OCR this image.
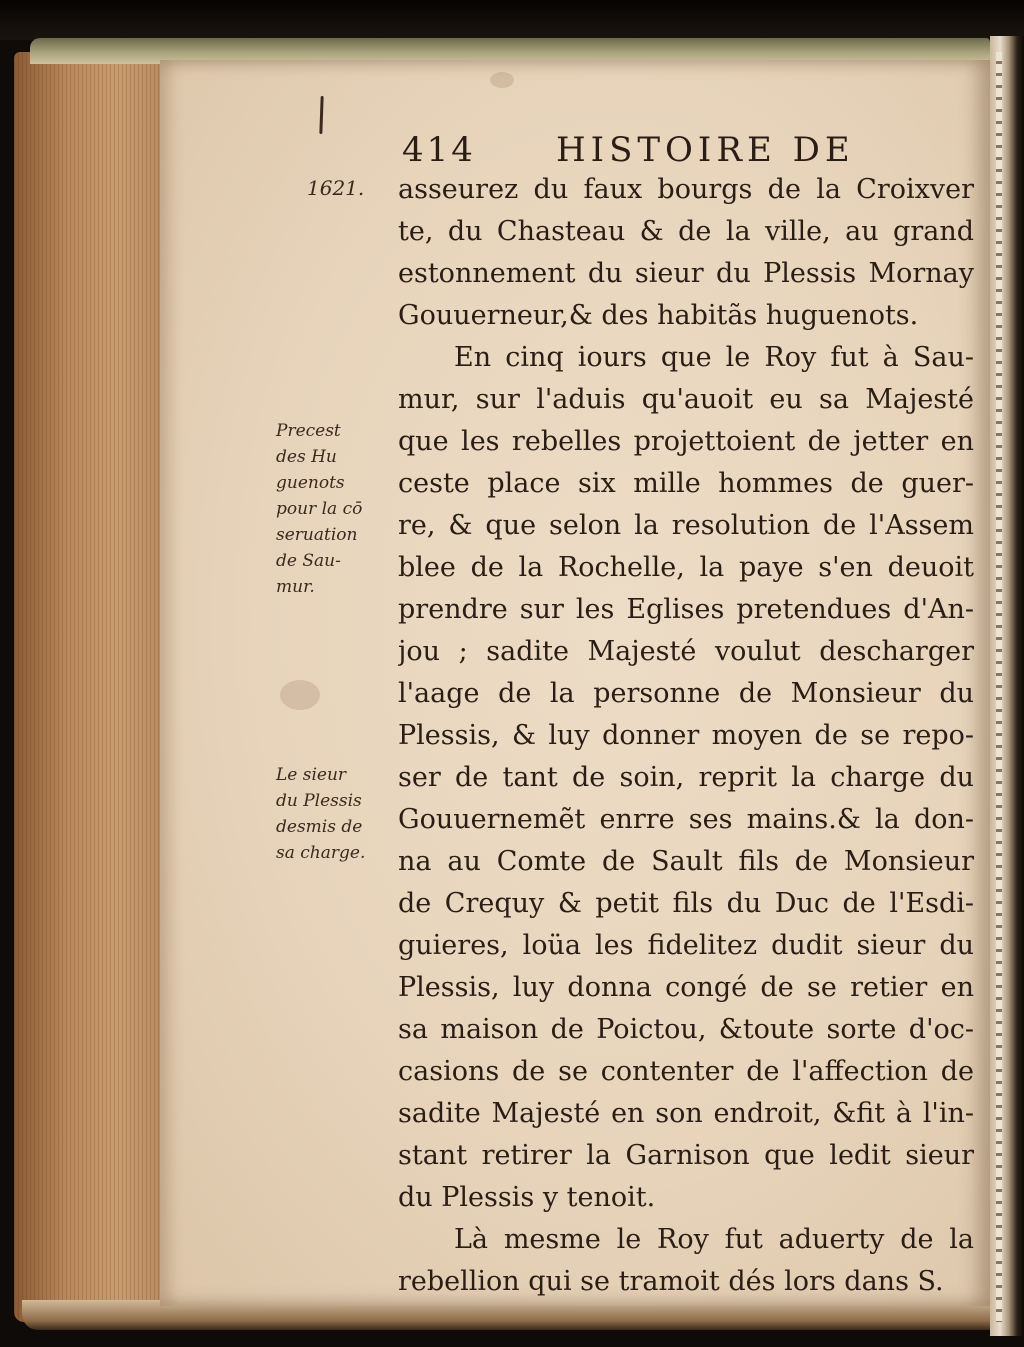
414 HISTOIRE DE
1621. asseurez du faux bourgs de la Croixver
te, du Chasteau & de la ville, au grand
estonnement du sieur du Plessis Mornay
Gouuerneur,& des habitãs huguenots.
En cinq iours que le Roy fut à Sau-
mur, sur l'aduis qu'auoit eu sa Majesté
que les rebelles projettoient de jetter en
ceste place six mille hommes de guer-
re, & que selon la resolution de l'Assem
blee de la Rochelle, la paye s'en deuoit
prendre sur les Eglises pretendues d'An-
jou ; sadite Majesté voulut descharger
l'aage de la personne de Monsieur du
Plessis, & luy donner moyen de se repo-
ser de tant de soin, reprit la charge du
Gouuernemẽt enrre ses mains.& la don-
na au Comte de Sault fils de Monsieur
de Crequy & petit fils du Duc de l'Esdi-
guieres, loüa les fidelitez dudit sieur du
Plessis, luy donna congé de se retier en
sa maison de Poictou, &toute sorte d'oc-
casions de se contenter de l'affection de
sadite Majesté en son endroit, &fit à l'in-
stant retirer la Garnison que ledit sieur
du Plessis y tenoit.
Là mesme le Roy fut aduerty de la
rebellion qui se tramoit dés lors dans S.
Precest
des Hu
guenots
pour la cō
seruation
de Sau-
mur.
Le sieur
du Plessis
desmis de
sa charge.
